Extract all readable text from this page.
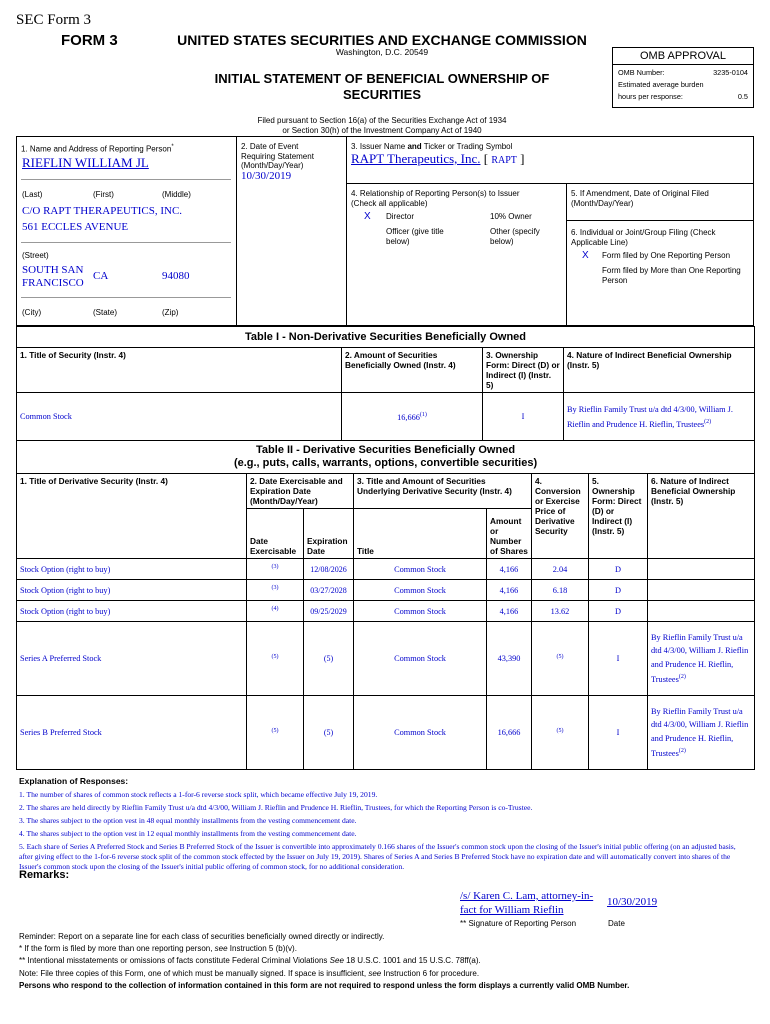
SEC Form 3
FORM 3	UNITED STATES SECURITIES AND EXCHANGE COMMISSION
Washington, D.C. 20549
INITIAL STATEMENT OF BENEFICIAL OWNERSHIP OF
SECURITIES
Filed pursuant to Section 16(a) of the Securities Exchange Act of 1934
or Section 30(h) of the Investment Company Act of 1940
OMB APPROVAL
OMB Number:	3235-0104
Estimated average burden
hours per response:	0.5
1. Name and Address of Reporting Person*
RIEFLIN WILLIAM JL
(Last)	(First)	(Middle)
C/O RAPT THERAPEUTICS, INC.
561 ECCLES AVENUE
(Street)
SOUTH SAN
FRANCISCO
CA	94080
(City)	(State)	(Zip)
2. Date of Event
Requiring Statement
(Month/Day/Year)
10/30/2019
3. Issuer Name and Ticker or Trading Symbol
RAPT Therapeutics, Inc. [ RAPT ]
4. Relationship of Reporting Person(s) to Issuer
(Check all applicable)
X Director	10% Owner
Officer (give title below)
Other (specify below)
5. If Amendment, Date of Original Filed
(Month/Day/Year)
6. Individual or Joint/Group Filing (Check Applicable Line)
X Form filed by One Reporting Person
Form filed by More than One Reporting Person
Table I - Non-Derivative Securities Beneficially Owned			
1. Title of Security (Instr. 4)	2. Amount of Securities Beneficially Owned (Instr. 4)	3. Ownership Form: Direct (D) or Indirect (I) (Instr. 5)	4. Nature of Indirect Beneficial Ownership (Instr. 5)
Common Stock	16,666$^{(1)}$	I	By Rieflin Family Trust u/a dtd 4/3/00, William J. Rieflin and Prudence H. Rieflin, Trustees$^{(2)}$
Table II - Derivative Securities Beneficially Owned
(e.g., puts, calls, warrants, options, convertible securities)							

1. Title of Derivative Security (Instr. 4)	2. Date Exercisable and Expiration Date (Month/Day/Year)		3. Title and Amount of Securities Underlying Derivative Security (Instr. 4)		4. Conversion or Exercise Price of Derivative Security	5. Ownership Form: Direct (D) or Indirect (I) (Instr. 5)	6. Nature of Indirect Beneficial Ownership (Instr. 5)
	Date Exercisable	Expiration Date	Title	Amount or Number of Shares			
Stock Option (right to buy)	$^{(3)}$	12/08/2026	Common Stock	4,166	2.04	D	
Stock Option (right to buy)	$^{(3)}$	03/27/2028	Common Stock	4,166	6.18	D	
Stock Option (right to buy)	$^{(4)}$	09/25/2029	Common Stock	4,166	13.62	D	
Series A Preferred Stock	$^{(5)}$	(5)	Common Stock	43,390	$^{(5)}$	I	By Rieflin Family Trust u/a dtd 4/3/00, William J. Rieflin and Prudence H. Rieflin, Trustees$^{(2)}$
Series B Preferred Stock	$^{(5)}$	(5)	Common Stock	16,666	$^{(5)}$	I	By Rieflin Family Trust u/a dtd 4/3/00, William J. Rieflin and Prudence H. Rieflin, Trustees$^{(2)}$
Explanation of Responses:
1. The number of shares of common stock reflects a 1-for-6 reverse stock split, which became effective July 19, 2019.
2. The shares are held directly by Rieflin Family Trust u/a dtd 4/3/00, William J. Rieflin and Prudence H. Rieflin, Trustees, for which the Reporting Person is co-Trustee.
3. The shares subject to the option vest in 48 equal monthly installments from the vesting commencement date.
4. The shares subject to the option vest in 12 equal monthly installments from the vesting commencement date.
5. Each share of Series A Preferred Stock and Series B Preferred Stock of the Issuer is convertible into approximately 0.166 shares of the Issuer's common stock upon the closing of the Issuer's initial public offering (on an adjusted basis, after giving effect to the 1-for-6 reverse stock split of the common stock effected by the Issuer on July 19, 2019). Shares of Series A and Series B Preferred Stock have no expiration date and will automatically convert into shares of the Issuer's common stock upon the closing of the Issuer's initial public offering of common stock, for no additional consideration.
Remarks:
/s/ Karen C. Lam, attorney-in-fact for William Rieflin
10/30/2019
** Signature of Reporting Person	Date
Reminder: Report on a separate line for each class of securities beneficially owned directly or indirectly.
* If the form is filed by more than one reporting person, see Instruction 5 (b)(v).
** Intentional misstatements or omissions of facts constitute Federal Criminal Violations See 18 U.S.C. 1001 and 15 U.S.C. 78ff(a).
Note: File three copies of this Form, one of which must be manually signed. If space is insufficient, see Instruction 6 for procedure.
Persons who respond to the collection of information contained in this form are not required to respond unless the form displays a currently valid OMB Number.
